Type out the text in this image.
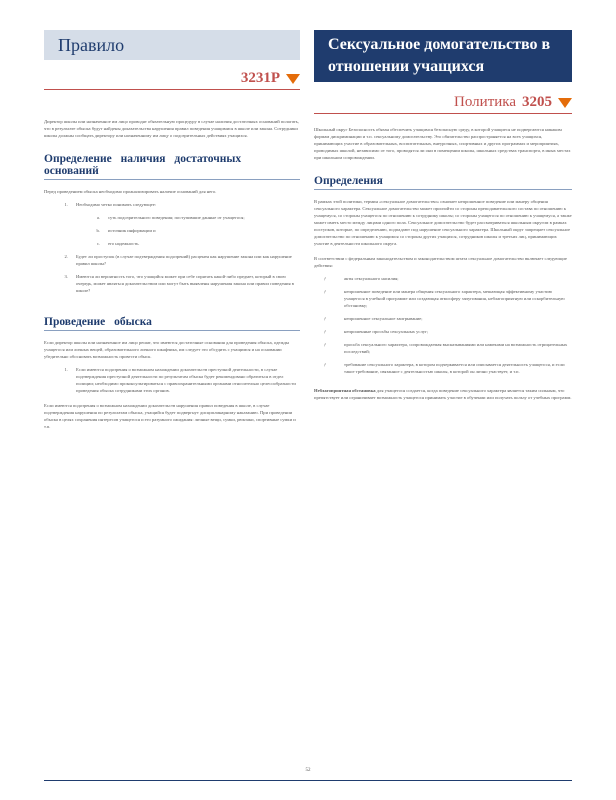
Правило
3231Р

Директор школы или назначенное им лицо проводят обязательную процедуру в случае наличия достаточных оснований полагать, что в результате обыска будут найдены доказательства нарушения правил поведения учащимися в школе или закона. Сотрудники школы должны сообщать директору или назначенному им лицу о подозрительных действиях учащихся.

Определение наличия достаточных оснований

Перед проведением обыска необходимо проанализировать наличие оснований для него.

1.	Необходимо четко понимать следующее:
a.	суть подозрительного поведения; поступившие данные от учащегося;
b.	источник информации и
c.	его надежность.
2.	Будет ли проступок (в случае подтверждения подозрений) расценен как нарушение закона или как нарушение правил школы?
3.	Имеются ли вероятность того, что учащийся может при себе спрятать какой-либо предмет, который в свою очередь, может являться доказательством или могут быть выявлены нарушения закона или правил поведения в школе?
Проведение обыска

Если директор школы или назначенное им лицо решат, что имеются достаточные основания для проведения обыска, одежды учащегося или личных вещей, образовательного личного шкафчика, им следует это обсудить с учащимся и на основании убедительно обосновать возможность провести обыск.

1.	Если имеются подозрения о возможном нахождении доказательств преступной деятельности, в случае подтверждения преступной деятельности по результатам обыска будет рекомендовано обратиться в отдел полиции; необходимо проконсультироваться с правоохранительными органами относительно целесообразности проведения обыска сотрудниками этих органов.

Если имеются подозрения о возможном нахождении доказательств нарушения правил поведения в школе, в случае подтверждения нарушения по результатам обыска, учащийся будет подвергнут дисциплинарному наказанию. При проведении обыска в целях сохранения интересов учащегося и его разумного ожидания: личные вещи, сумки, рюкзаки, спортивные сумки и т.п.

Сексуальное домогательство в отношении учащихся
Политика 3205

Школьный округ Безопасность обязан обеспечить учащимся безопасную среду, в которой учащиеся не подвергаются никаким формам дискриминации и т.п. сексуальному домогательству. Это обязательство распространяется на всех учащихся, принимающих участие в образовательных, воспитательных, внеурочных, спортивных и других программах и мероприятиях, проводимых школой, независимо от того, проводятся ли они в помещении школы, школьных средствах транспорта, в иных местах при школьном сопровождении.

Определения

В рамках этой политики, термин «сексуальное домогательство» означает непрошенное поведение или манеру общения сексуального характера. Сексуальное домогательство может произойти со стороны преподавательского состава по отношению к учащемуся, со стороны учащегося по отношению к сотруднику школы; со стороны учащегося по отношению к учащемуся, а также может иметь место между лицами одного пола. Сексуальное домогательство будет рассматриваться школьным округом в рамках поступков, которые, по определению, подпадают под нарушение сексуального характера. Школьный округ запрещает сексуальное домогательство по отношению к учащимся со стороны других учащихся, сотрудников школы и третьих лиц, принимающих участие в деятельности школьного округа.

В соответствии с федеральным законодательством и законодательством штата сексуальное домогательство включает следующие действия:

ƒ	акты сексуального насилия;
ƒ	непрошенное поведение или манера общения сексуального характера, мешающая эффективному участию учащегося в учебной программе или создающая атмосферу запугивания, неблагоприятную или оскорбительную обстановку;
ƒ	непрошенное сексуальное заигрывание;
ƒ	непрошенные просьбы сексуальных услуг;
ƒ	просьба сексуального характера, сопровождаемая высказываниями или намеками на возможность отрицательных последствий;
ƒ	требование сексуального характера, в котором подчеркивается или описывается деятельность учащегося, и если такое требование, связанное с деятельностью школы, в которой он лично участвует, и т.п.

Неблагоприятная обстановка для учащегося создается, когда поведение сексуального характера является таким сильным, что препятствует или ограничивает возможность учащегося принимать участие в обучении или получать пользу от учебных программ.

52
